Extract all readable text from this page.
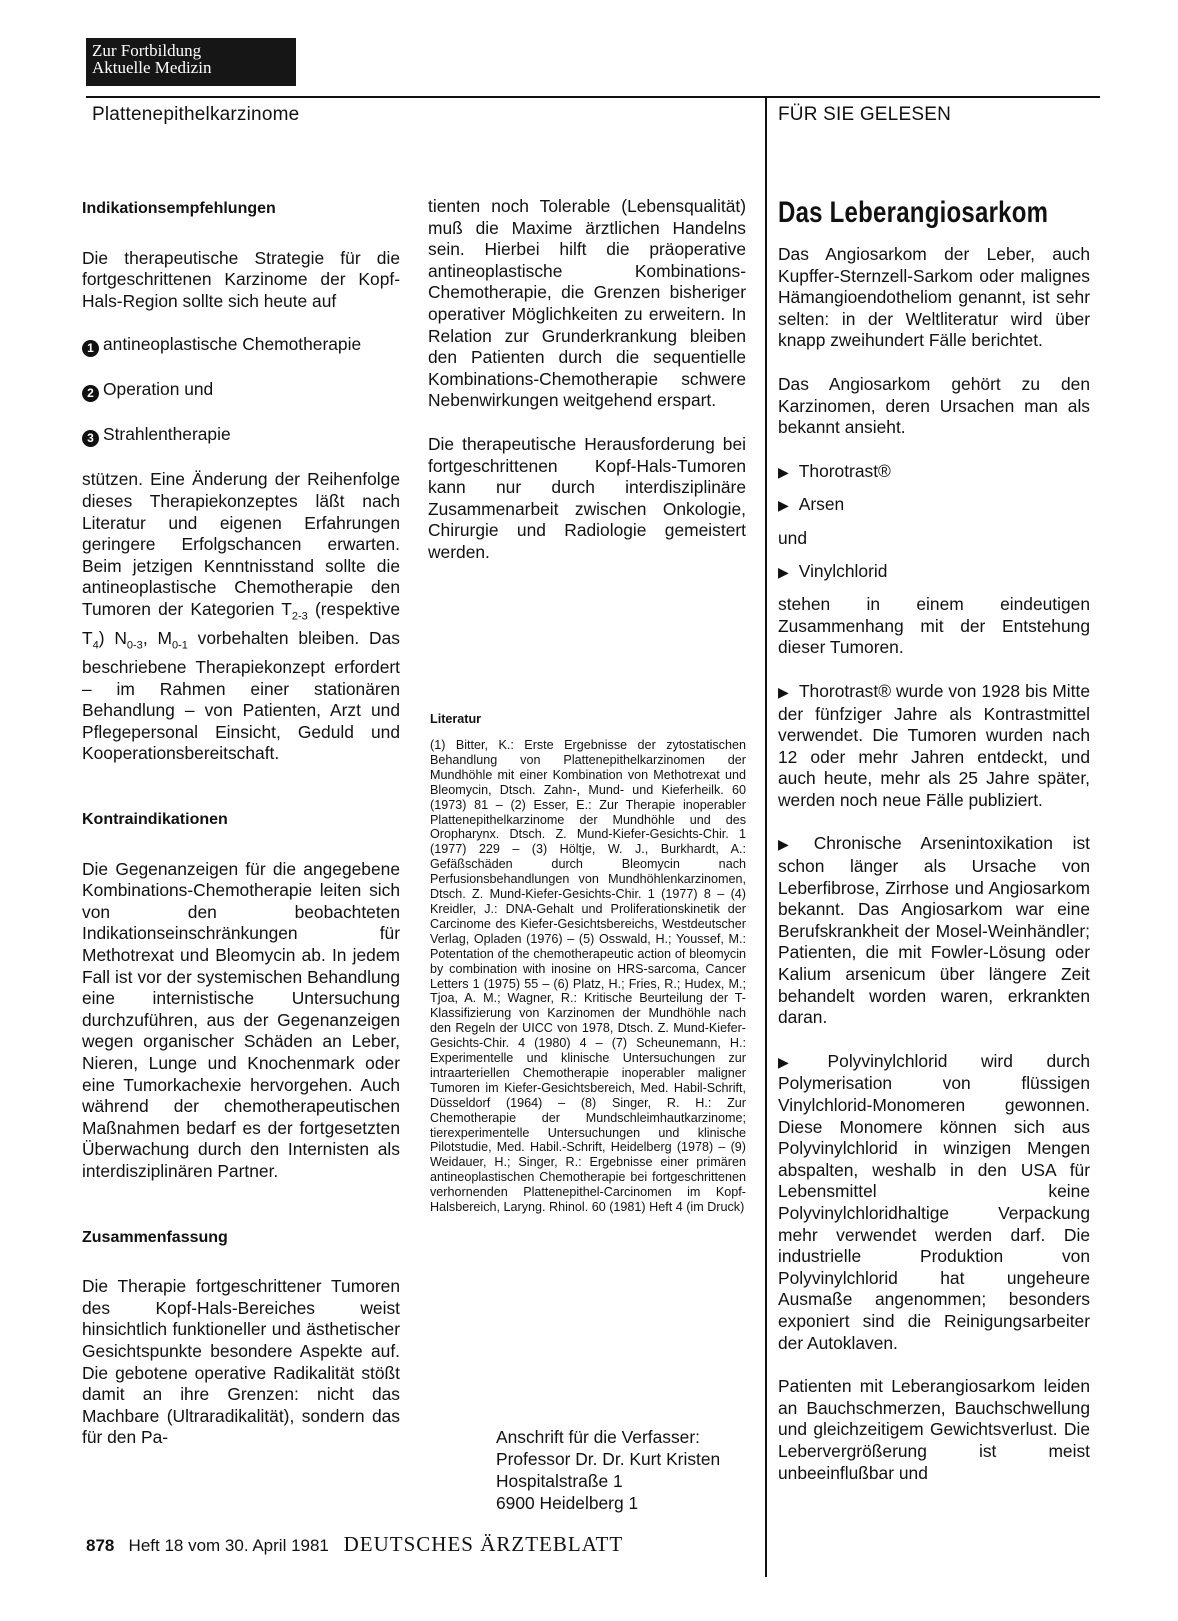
Zur Fortbildung
Aktuelle Medizin
Plattenepithelkarzinome	FÜR SIE GELESEN

Indikationsempfehlungen

Die therapeutische Strategie für die fortgeschrittenen Karzinome der Kopf-Hals-Region sollte sich heute auf

1 antineoplastische Chemotherapie

2 Operation und

3 Strahlentherapie

stützen. Eine Änderung der Reihenfolge dieses Therapiekonzeptes läßt nach Literatur und eigenen Erfahrungen geringere Erfolgschancen erwarten. Beim jetzigen Kenntnisstand sollte die antineoplastische Chemotherapie den Tumoren der Kategorien $T_{2-3}$ (respektive $T_4$) $N_{0-3}$, $M_{0-1}$ vorbehalten bleiben. Das beschriebene Therapiekonzept erfordert – im Rahmen einer stationären Behandlung – von Patienten, Arzt und Pflegepersonal Einsicht, Geduld und Kooperationsbereitschaft.

Kontraindikationen

Die Gegenanzeigen für die angegebene Kombinations-Chemotherapie leiten sich von den beobachteten Indikationseinschränkungen für Methotrexat und Bleomycin ab. In jedem Fall ist vor der systemischen Behandlung eine internistische Untersuchung durchzuführen, aus der Gegenanzeigen wegen organischer Schäden an Leber, Nieren, Lunge und Knochenmark oder eine Tumorkachexie hervorgehen. Auch während der chemotherapeutischen Maßnahmen bedarf es der fortgesetzten Überwachung durch den Internisten als interdisziplinären Partner.

Zusammenfassung

Die Therapie fortgeschrittener Tumoren des Kopf-Hals-Bereiches weist hinsichtlich funktioneller und ästhetischer Gesichtspunkte besondere Aspekte auf. Die gebotene operative Radikalität stößt damit an ihre Grenzen: nicht das Machbare (Ultraradikalität), sondern das für den Pa-

tienten noch Tolerable (Lebensqualität) muß die Maxime ärztlichen Handelns sein. Hierbei hilft die präoperative antineoplastische Kombinations-Chemotherapie, die Grenzen bisheriger operativer Möglichkeiten zu erweitern. In Relation zur Grunderkrankung bleiben den Patienten durch die sequentielle Kombinations-Chemotherapie schwere Nebenwirkungen weitgehend erspart.

Die therapeutische Herausforderung bei fortgeschrittenen Kopf-Hals-Tumoren kann nur durch interdisziplinäre Zusammenarbeit zwischen Onkologie, Chirurgie und Radiologie gemeistert werden.

Literatur
(1) Bitter, K.: Erste Ergebnisse der zytostatischen Behandlung von Plattenepithelkarzinomen der Mundhöhle mit einer Kombination von Methotrexat und Bleomycin, Dtsch. Zahn-, Mund- und Kieferheilk. 60 (1973) 81 – (2) Esser, E.: Zur Therapie inoperabler Plattenepithelkarzinome der Mundhöhle und des Oropharynx. Dtsch. Z. Mund-Kiefer-Gesichts-Chir. 1 (1977) 229 – (3) Höltje, W. J., Burkhardt, A.: Gefäßschäden durch Bleomycin nach Perfusionsbehandlungen von Mundhöhlenkarzinomen, Dtsch. Z. Mund-Kiefer-Gesichts-Chir. 1 (1977) 8 – (4) Kreidler, J.: DNA-Gehalt und Proliferationskinetik der Carcinome des Kiefer-Gesichtsbereichs, Westdeutscher Verlag, Opladen (1976) – (5) Osswald, H.; Youssef, M.: Potentation of the chemotherapeutic action of bleomycin by combination with inosine on HRS-sarcoma, Cancer Letters 1 (1975) 55 – (6) Platz, H.; Fries, R.; Hudex, M.; Tjoa, A. M.; Wagner, R.: Kritische Beurteilung der T-Klassifizierung von Karzinomen der Mundhöhle nach den Regeln der UICC von 1978, Dtsch. Z. Mund-Kiefer-Gesichts-Chir. 4 (1980) 4 – (7) Scheunemann, H.: Experimentelle und klinische Untersuchungen zur intraarteriellen Chemotherapie inoperabler maligner Tumoren im Kiefer-Gesichtsbereich, Med. Habil-Schrift, Düsseldorf (1964) – (8) Singer, R. H.: Zur Chemotherapie der Mundschleimhautkarzinome; tierexperimentelle Untersuchungen und klinische Pilotstudie, Med. Habil.-Schrift, Heidelberg (1978) – (9) Weidauer, H.; Singer, R.: Ergebnisse einer primären antineoplastischen Chemotherapie bei fortgeschrittenen verhornenden Plattenepithel-Carcinomen im Kopf-Halsbereich, Laryng. Rhinol. 60 (1981) Heft 4 (im Druck)
Anschrift für die Verfasser:
Professor Dr. Dr. Kurt Kristen
Hospitalstraße 1
6900 Heidelberg 1
Das Leberangiosarkom

Das Angiosarkom der Leber, auch Kupffer-Sternzell-Sarkom oder malignes Hämangioendotheliom genannt, ist sehr selten: in der Weltliteratur wird über knapp zweihundert Fälle berichtet.

Das Angiosarkom gehört zu den Karzinomen, deren Ursachen man als bekannt ansieht.

▶ Thorotrast®

▶ Arsen

und

▶ Vinylchlorid

stehen in einem eindeutigen Zusammenhang mit der Entstehung dieser Tumoren.

▶ Thorotrast® wurde von 1928 bis Mitte der fünfziger Jahre als Kontrastmittel verwendet. Die Tumoren wurden nach 12 oder mehr Jahren entdeckt, und auch heute, mehr als 25 Jahre später, werden noch neue Fälle publiziert.

▶ Chronische Arsenintoxikation ist schon länger als Ursache von Leberfibrose, Zirrhose und Angiosarkom bekannt. Das Angiosarkom war eine Berufskrankheit der Mosel-Weinhändler; Patienten, die mit Fowler-Lösung oder Kalium arsenicum über längere Zeit behandelt worden waren, erkrankten daran.

▶ Polyvinylchlorid wird durch Polymerisation von flüssigen Vinylchlorid-Monomeren gewonnen. Diese Monomere können sich aus Polyvinylchlorid in winzigen Mengen abspalten, weshalb in den USA für Lebensmittel keine Polyvinylchloridhaltige Verpackung mehr verwendet werden darf. Die industrielle Produktion von Polyvinylchlorid hat ungeheure Ausmaße angenommen; besonders exponiert sind die Reinigungsarbeiter der Autoklaven.

Patienten mit Leberangiosarkom leiden an Bauchschmerzen, Bauchschwellung und gleichzeitigem Gewichtsverlust. Die Lebervergrößerung ist meist unbeeinflußbar und

878 Heft 18 vom 30. April 1981 DEUTSCHES ÄRZTEBLATT
